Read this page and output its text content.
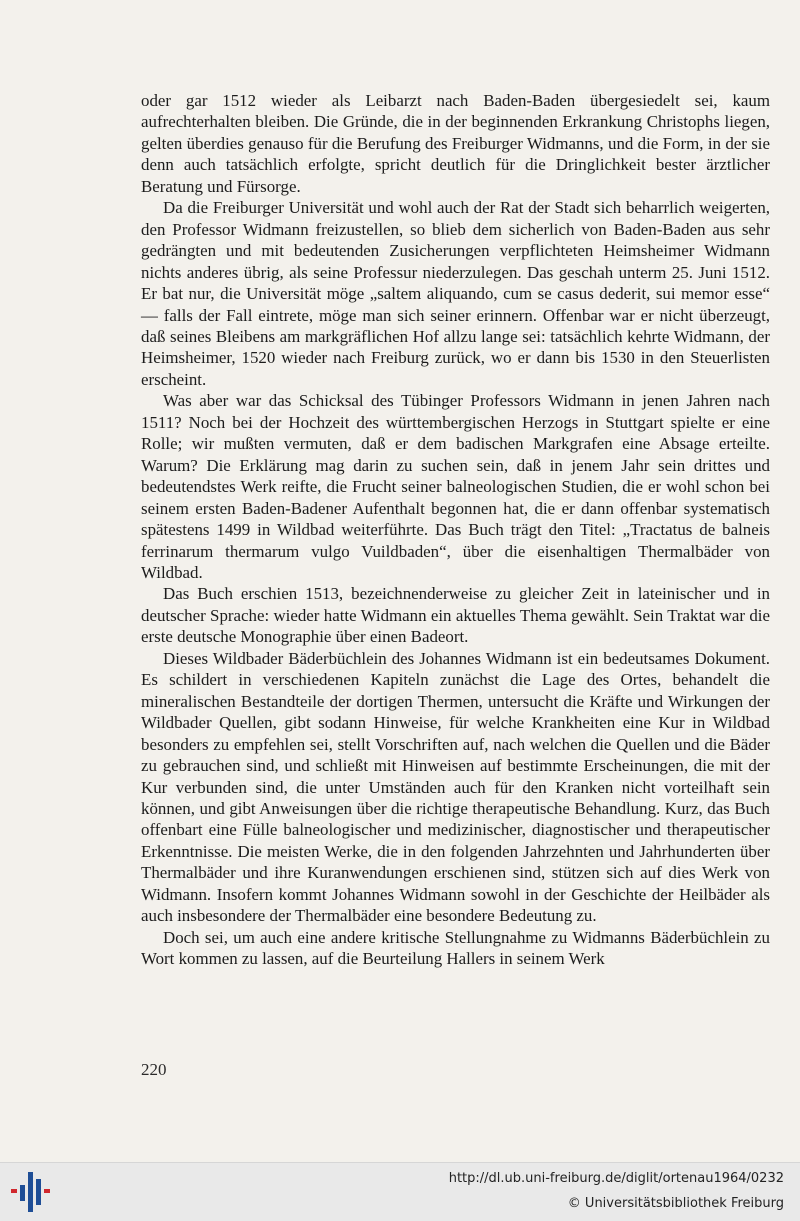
oder gar 1512 wieder als Leibarzt nach Baden-Baden übergesiedelt sei, kaum aufrechterhalten bleiben. Die Gründe, die in der beginnenden Erkrankung Christophs liegen, gelten überdies genauso für die Berufung des Freiburger Widmanns, und die Form, in der sie denn auch tatsächlich erfolgte, spricht deutlich für die Dringlichkeit bester ärztlicher Beratung und Fürsorge.

Da die Freiburger Universität und wohl auch der Rat der Stadt sich beharrlich weigerten, den Professor Widmann freizustellen, so blieb dem sicherlich von Baden-Baden aus sehr gedrängten und mit bedeutenden Zusicherungen verpflichteten Heimsheimer Widmann nichts anderes übrig, als seine Professur niederzulegen. Das geschah unterm 25. Juni 1512. Er bat nur, die Universität möge „saltem aliquando, cum se casus dederit, sui memor esse“ — falls der Fall eintrete, möge man sich seiner erinnern. Offenbar war er nicht überzeugt, daß seines Bleibens am markgräflichen Hof allzu lange sei: tatsächlich kehrte Widmann, der Heimsheimer, 1520 wieder nach Freiburg zurück, wo er dann bis 1530 in den Steuerlisten erscheint.

Was aber war das Schicksal des Tübinger Professors Widmann in jenen Jahren nach 1511? Noch bei der Hochzeit des württembergischen Herzogs in Stuttgart spielte er eine Rolle; wir mußten vermuten, daß er dem badischen Markgrafen eine Absage erteilte. Warum? Die Erklärung mag darin zu suchen sein, daß in jenem Jahr sein drittes und bedeutendstes Werk reifte, die Frucht seiner balneologischen Studien, die er wohl schon bei seinem ersten Baden-Badener Aufenthalt begonnen hat, die er dann offenbar systematisch spätestens 1499 in Wildbad weiterführte. Das Buch trägt den Titel: „Tractatus de balneis ferrinarum thermarum vulgo Vuildbaden“, über die eisenhaltigen Thermalbäder von Wildbad.

Das Buch erschien 1513, bezeichnenderweise zu gleicher Zeit in lateinischer und in deutscher Sprache: wieder hatte Widmann ein aktuelles Thema gewählt. Sein Traktat war die erste deutsche Monographie über einen Badeort.

Dieses Wildbader Bäderbüchlein des Johannes Widmann ist ein bedeutsames Dokument. Es schildert in verschiedenen Kapiteln zunächst die Lage des Ortes, behandelt die mineralischen Bestandteile der dortigen Thermen, untersucht die Kräfte und Wirkungen der Wildbader Quellen, gibt sodann Hinweise, für welche Krankheiten eine Kur in Wildbad besonders zu empfehlen sei, stellt Vorschriften auf, nach welchen die Quellen und die Bäder zu gebrauchen sind, und schließt mit Hinweisen auf bestimmte Erscheinungen, die mit der Kur verbunden sind, die unter Umständen auch für den Kranken nicht vorteilhaft sein können, und gibt Anweisungen über die richtige therapeutische Behandlung. Kurz, das Buch offenbart eine Fülle balneologischer und medizinischer, diagnostischer und therapeutischer Erkenntnisse. Die meisten Werke, die in den folgenden Jahrzehnten und Jahrhunderten über Thermalbäder und ihre Kuranwendungen erschienen sind, stützen sich auf dies Werk von Widmann. Insofern kommt Johannes Widmann sowohl in der Geschichte der Heilbäder als auch insbesondere der Thermalbäder eine besondere Bedeutung zu.

Doch sei, um auch eine andere kritische Stellungnahme zu Widmanns Bäderbüchlein zu Wort kommen zu lassen, auf die Beurteilung Hallers in seinem Werk

220
http://dl.ub.uni-freiburg.de/diglit/ortenau1964/0232
© Universitätsbibliothek Freiburg
